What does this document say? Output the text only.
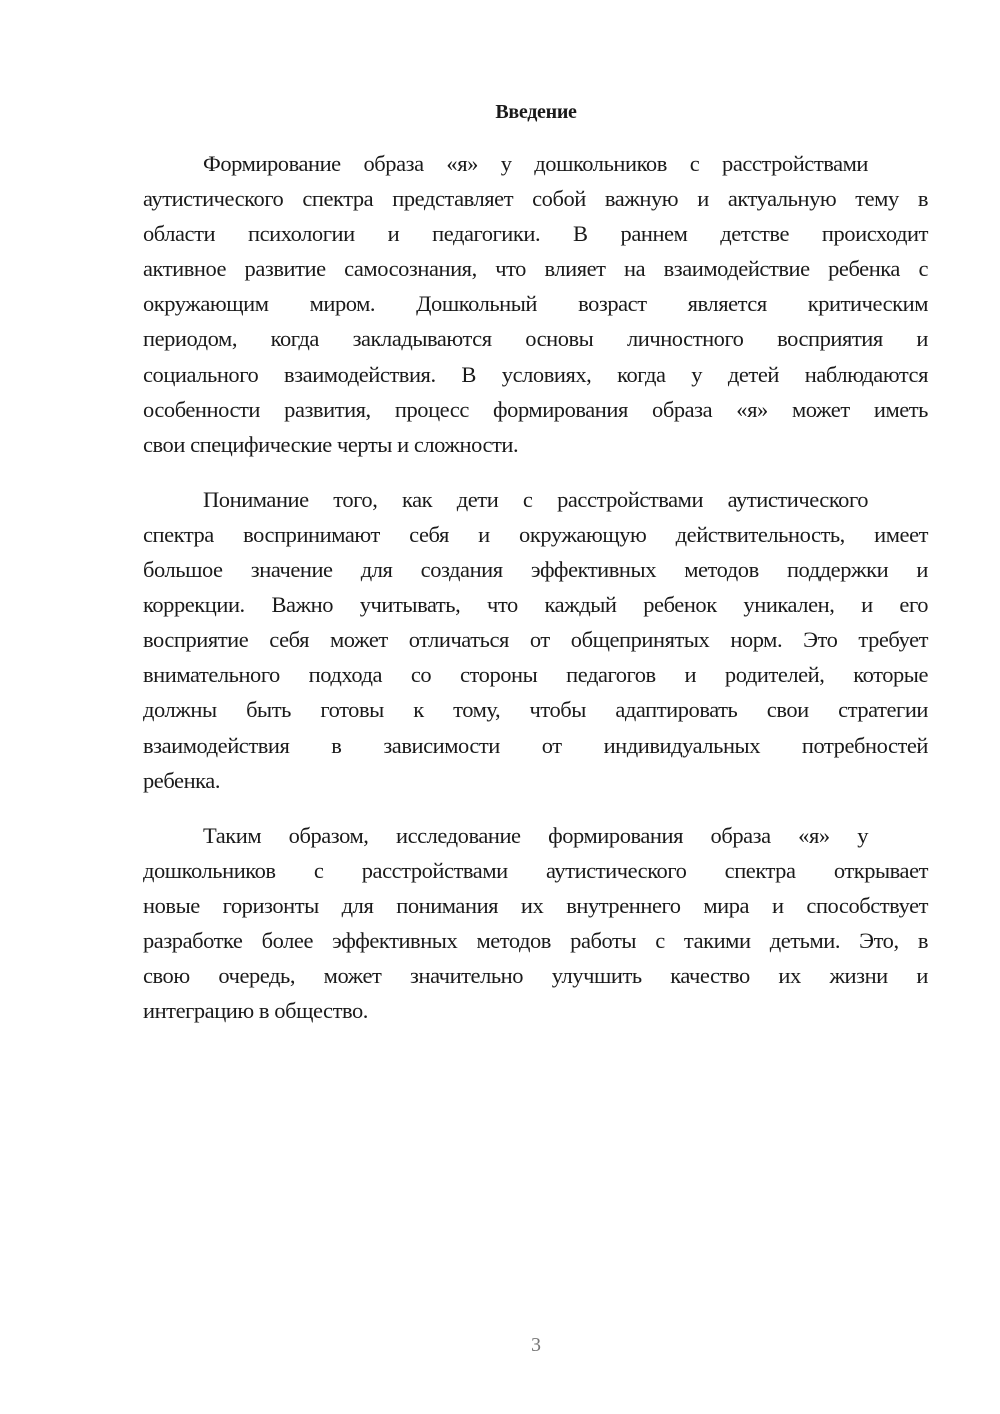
Введение
Формирование образа «я» у дошкольников с расстройствами
аутистического спектра представляет собой важную и актуальную тему в
области психологии и педагогики. В раннем детстве происходит
активное развитие самосознания, что влияет на взаимодействие ребенка с
окружающим миром. Дошкольный возраст является критическим
периодом, когда закладываются основы личностного восприятия и
социального взаимодействия. В условиях, когда у детей наблюдаются
особенности развития, процесс формирования образа «я» может иметь
свои специфические черты и сложности.
Понимание того, как дети с расстройствами аутистического
спектра воспринимают себя и окружающую действительность, имеет
большое значение для создания эффективных методов поддержки и
коррекции. Важно учитывать, что каждый ребенок уникален, и его
восприятие себя может отличаться от общепринятых норм. Это требует
внимательного подхода со стороны педагогов и родителей, которые
должны быть готовы к тому, чтобы адаптировать свои стратегии
взаимодействия в зависимости от индивидуальных потребностей
ребенка.
Таким образом, исследование формирования образа «я» у
дошкольников с расстройствами аутистического спектра открывает
новые горизонты для понимания их внутреннего мира и способствует
разработке более эффективных методов работы с такими детьми. Это, в
свою очередь, может значительно улучшить качество их жизни и
интеграцию в общество.
3
